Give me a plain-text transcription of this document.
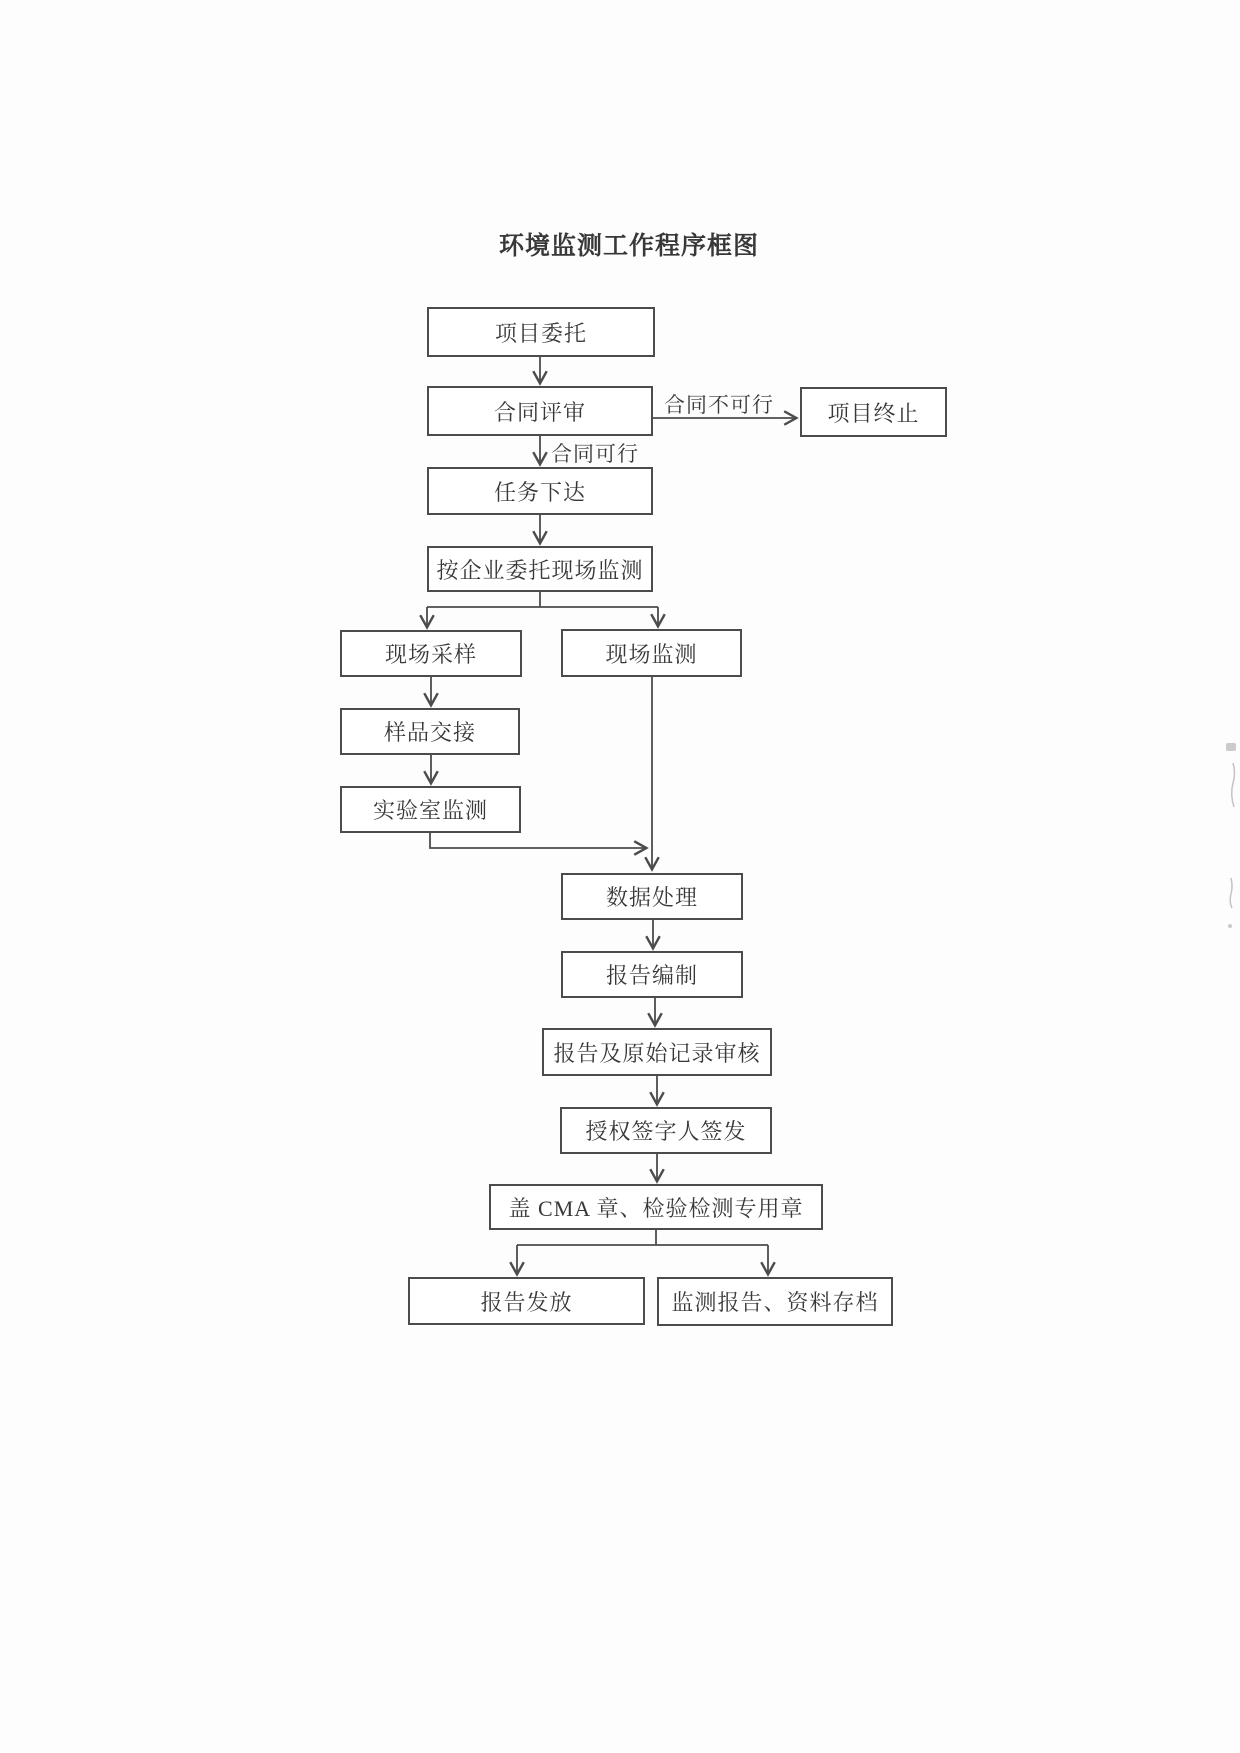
环境监测工作程序框图
项目委托
合同评审	项目终止
任务下达
按企业委托现场监测
现场采样	现场监测
样品交接
实验室监测
数据处理
报告编制
报告及原始记录审核
授权签字人签发
盖 CMA 章、检验检测专用章
报告发放	监测报告、资料存档
合同不可行
合同可行
